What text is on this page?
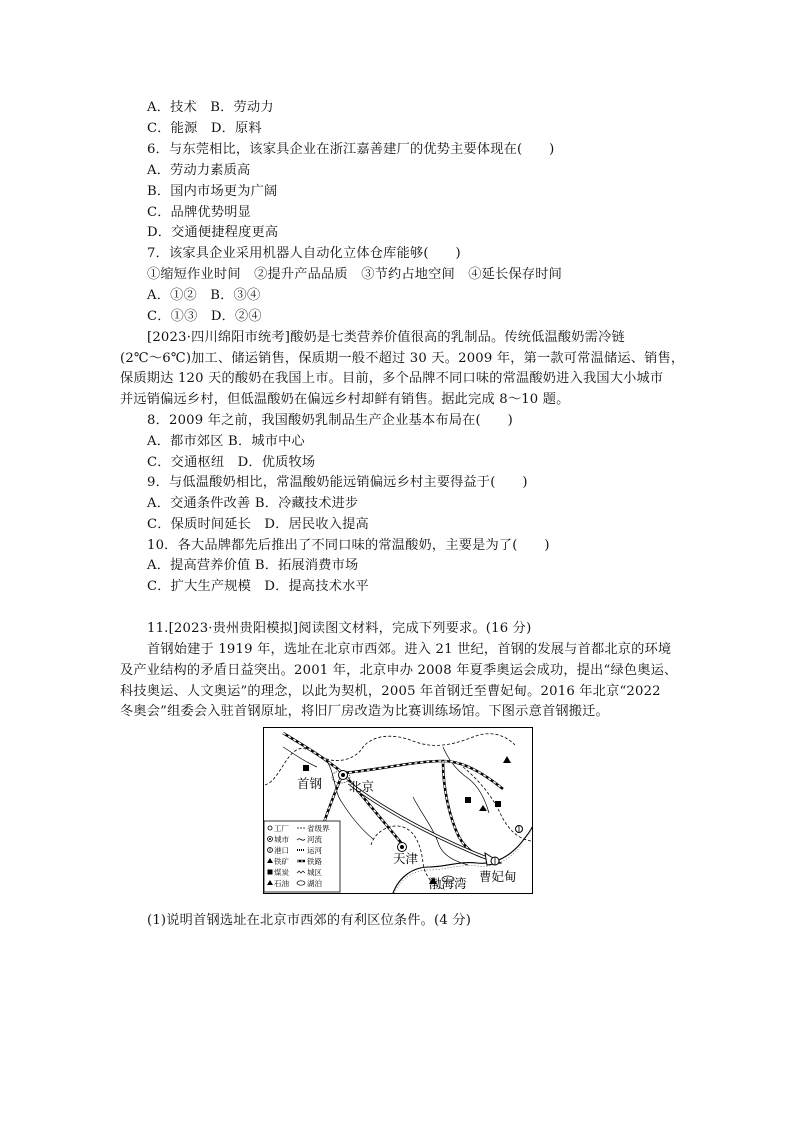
A．技术　B．劳动力
C．能源　D．原料
6．与东莞相比，该家具企业在浙江嘉善建厂的优势主要体现在(　　)
A．劳动力素质高
B．国内市场更为广阔
C．品牌优势明显
D．交通便捷程度更高
7．该家具企业采用机器人自动化立体仓库能够(　　)
①缩短作业时间　②提升产品品质　③节约占地空间　④延长保存时间
A．①②　B．③④
C．①③　D．②④
[2023·四川绵阳市统考]酸奶是七类营养价值很高的乳制品。传统低温酸奶需冷链
(2℃～6℃)加工、储运销售，保质期一般不超过 30 天。2009 年，第一款可常温储运、销售，
保质期达 120 天的酸奶在我国上市。目前，多个品牌不同口味的常温酸奶进入我国大小城市
并远销偏远乡村，但低温酸奶在偏远乡村却鲜有销售。据此完成 8～10 题。
8．2009 年之前，我国酸奶乳制品生产企业基本布局在(　　)
A．都市郊区 B．城市中心
C．交通枢纽　D．优质牧场
9．与低温酸奶相比，常温酸奶能远销偏远乡村主要得益于(　　)
A．交通条件改善 B．冷藏技术进步
C．保质时间延长　D．居民收入提高
10．各大品牌都先后推出了不同口味的常温酸奶，主要是为了(　　)
A．提高营养价值 B．拓展消费市场
C．扩大生产规模　D．提高技术水平
11.[2023·贵州贵阳模拟]阅读图文材料，完成下列要求。(16 分)
首钢始建于 1919 年，选址在北京市西郊。进入 21 世纪，首钢的发展与首都北京的环境
及产业结构的矛盾日益突出。2001 年，北京申办 2008 年夏季奥运会成功，提出“绿色奥运、
科技奥运、人文奥运”的理念，以此为契机，2005 年首钢迁至曹妃甸。2016 年北京“2022
冬奥会”组委会入驻首钢原址，将旧厂房改造为比赛训练场馆。下图示意首钢搬迁。
首钢 北京
天津
渤海湾 曹妃甸
工厂 省级界
城市 河流
港口 运河
铁矿 铁路
煤炭 城区
石油 湖泊
(1)说明首钢选址在北京市西郊的有利区位条件。(4 分)
